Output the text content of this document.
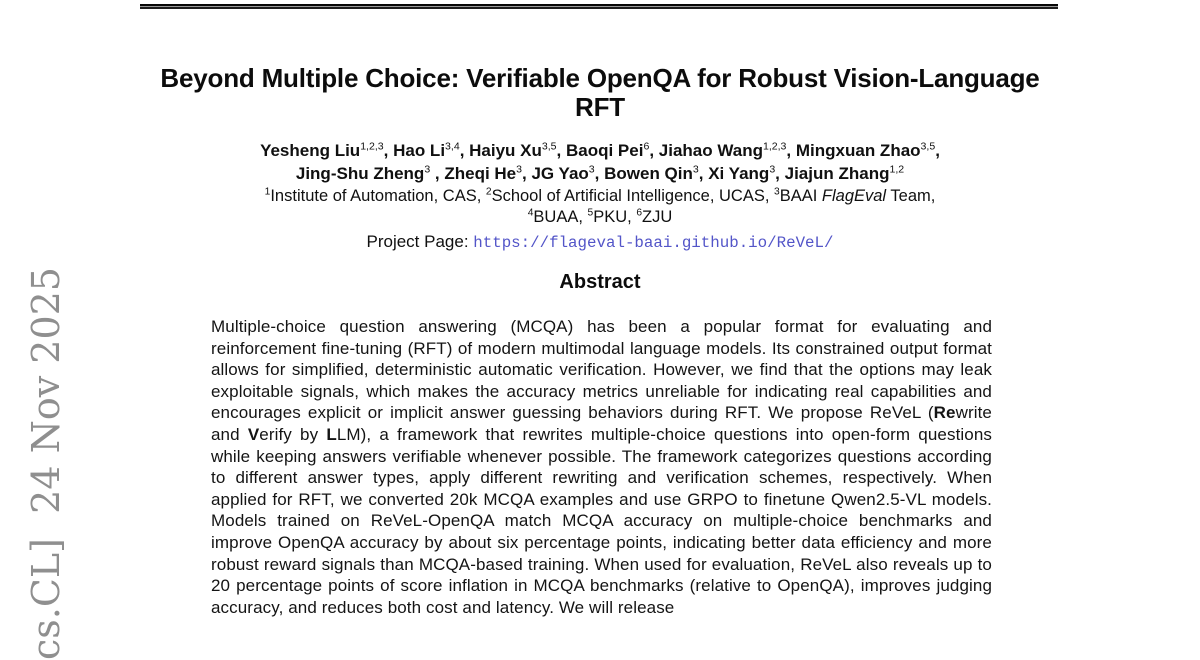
cs.CL]  24 Nov 2025
Beyond Multiple Choice: Verifiable OpenQA for Robust Vision-Language
RFT
Yesheng Liu$^{1,2,3}$, Hao Li$^{3,4}$, Haiyu Xu$^{3,5}$, Baoqi Pei$^6$, Jiahao Wang$^{1,2,3}$, Mingxuan Zhao$^{3,5}$,
Jing-Shu Zheng$^3$ , Zheqi He$^3$, JG Yao$^3$, Bowen Qin$^3$, Xi Yang$^3$, Jiajun Zhang$^{1,2}$
$^1$Institute of Automation, CAS, $^2$School of Artificial Intelligence, UCAS, $^3$BAAI FlagEval Team,
$^4$BUAA, $^5$PKU, $^6$ZJU
Project Page: https://flageval-baai.github.io/ReVeL/
Abstract
Multiple-choice question answering (MCQA) has been a popular format for evaluating and reinforcement fine-tuning (RFT) of modern multimodal language models. Its constrained output format allows for simplified, deterministic automatic verification. However, we find that the options may leak exploitable signals, which makes the accuracy metrics unreliable for indicating real capabilities and encourages explicit or implicit answer guessing behaviors during RFT. We propose ReVeL (Rewrite and Verify by LLM), a framework that rewrites multiple-choice questions into open-form questions while keeping answers verifiable whenever possible. The framework categorizes questions according to different answer types, apply different rewriting and verification schemes, respectively. When applied for RFT, we converted 20k MCQA examples and use GRPO to finetune Qwen2.5-VL models. Models trained on ReVeL-OpenQA match MCQA accuracy on multiple-choice benchmarks and improve OpenQA accuracy by about six percentage points, indicating better data efficiency and more robust reward signals than MCQA-based training. When used for evaluation, ReVeL also reveals up to 20 percentage points of score inflation in MCQA benchmarks (relative to OpenQA), improves judging accuracy, and reduces both cost and latency. We will release
